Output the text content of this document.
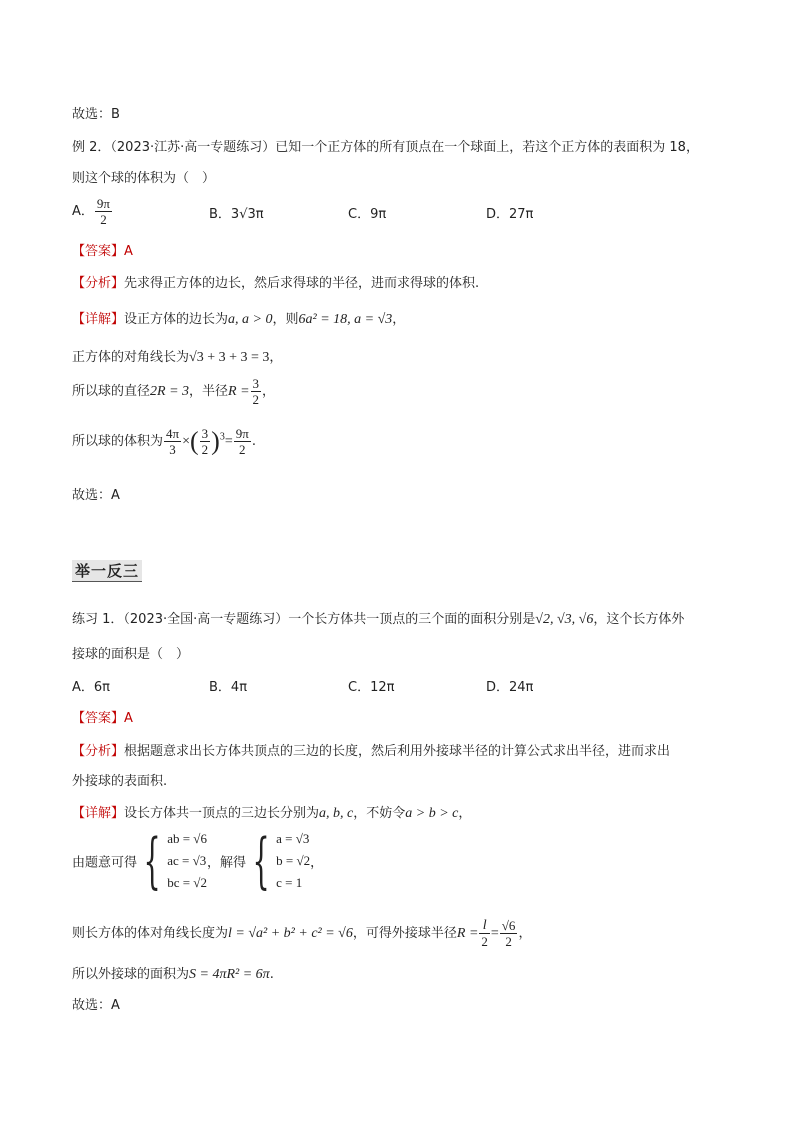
故选：B
例 2．（2023·江苏·高一专题练习）已知一个正方体的所有顶点在一个球面上，若这个正方体的表面积为 18，
则这个球的体积为（　）
A． $\frac{9\pi}{2}$	B．3√3π	C．9π	D．27π
【答案】A
【分析】先求得正方体的边长，然后求得球的半径，进而求得球的体积.
【详解】设正方体的边长为a, a > 0，则6a² = 18, a = √3，
正方体的对角线长为√3 + 3 + 3 = 3，
所以球的直径2R = 3，半径$R = \frac{3}{2}$ ，
所以球的体积为 $\frac{4\pi}{3}$ ×( $\frac{3}{2} )^3= \frac{9\pi}{2}$ .
故选：A
举一反三
练习 1．（2023·全国·高一专题练习）一个长方体共一顶点的三个面的面积分别是√2, √3, √6，这个长方体外
接球的面积是（　）
A．6π	B．4π	C．12π	D．24π
【答案】A
【分析】根据题意求出长方体共顶点的三边的长度，然后利用外接球半径的计算公式求出半径，进而求出
外接球的表面积.
【详解】设长方体共一顶点的三边长分别为a, b, c，不妨令a > b > c，
由题意可得 { ab = √6
ac = √3
bc = √2
，解得 { a = √3
b = √2
c = 1
，
则长方体的体对角线长度为l = √a² + b² + c² = √6，可得外接球半径$R = \frac{l}{2} = \frac{√6}{2}$ ，
所以外接球的面积为S = 4πR² = 6π.
故选：A
